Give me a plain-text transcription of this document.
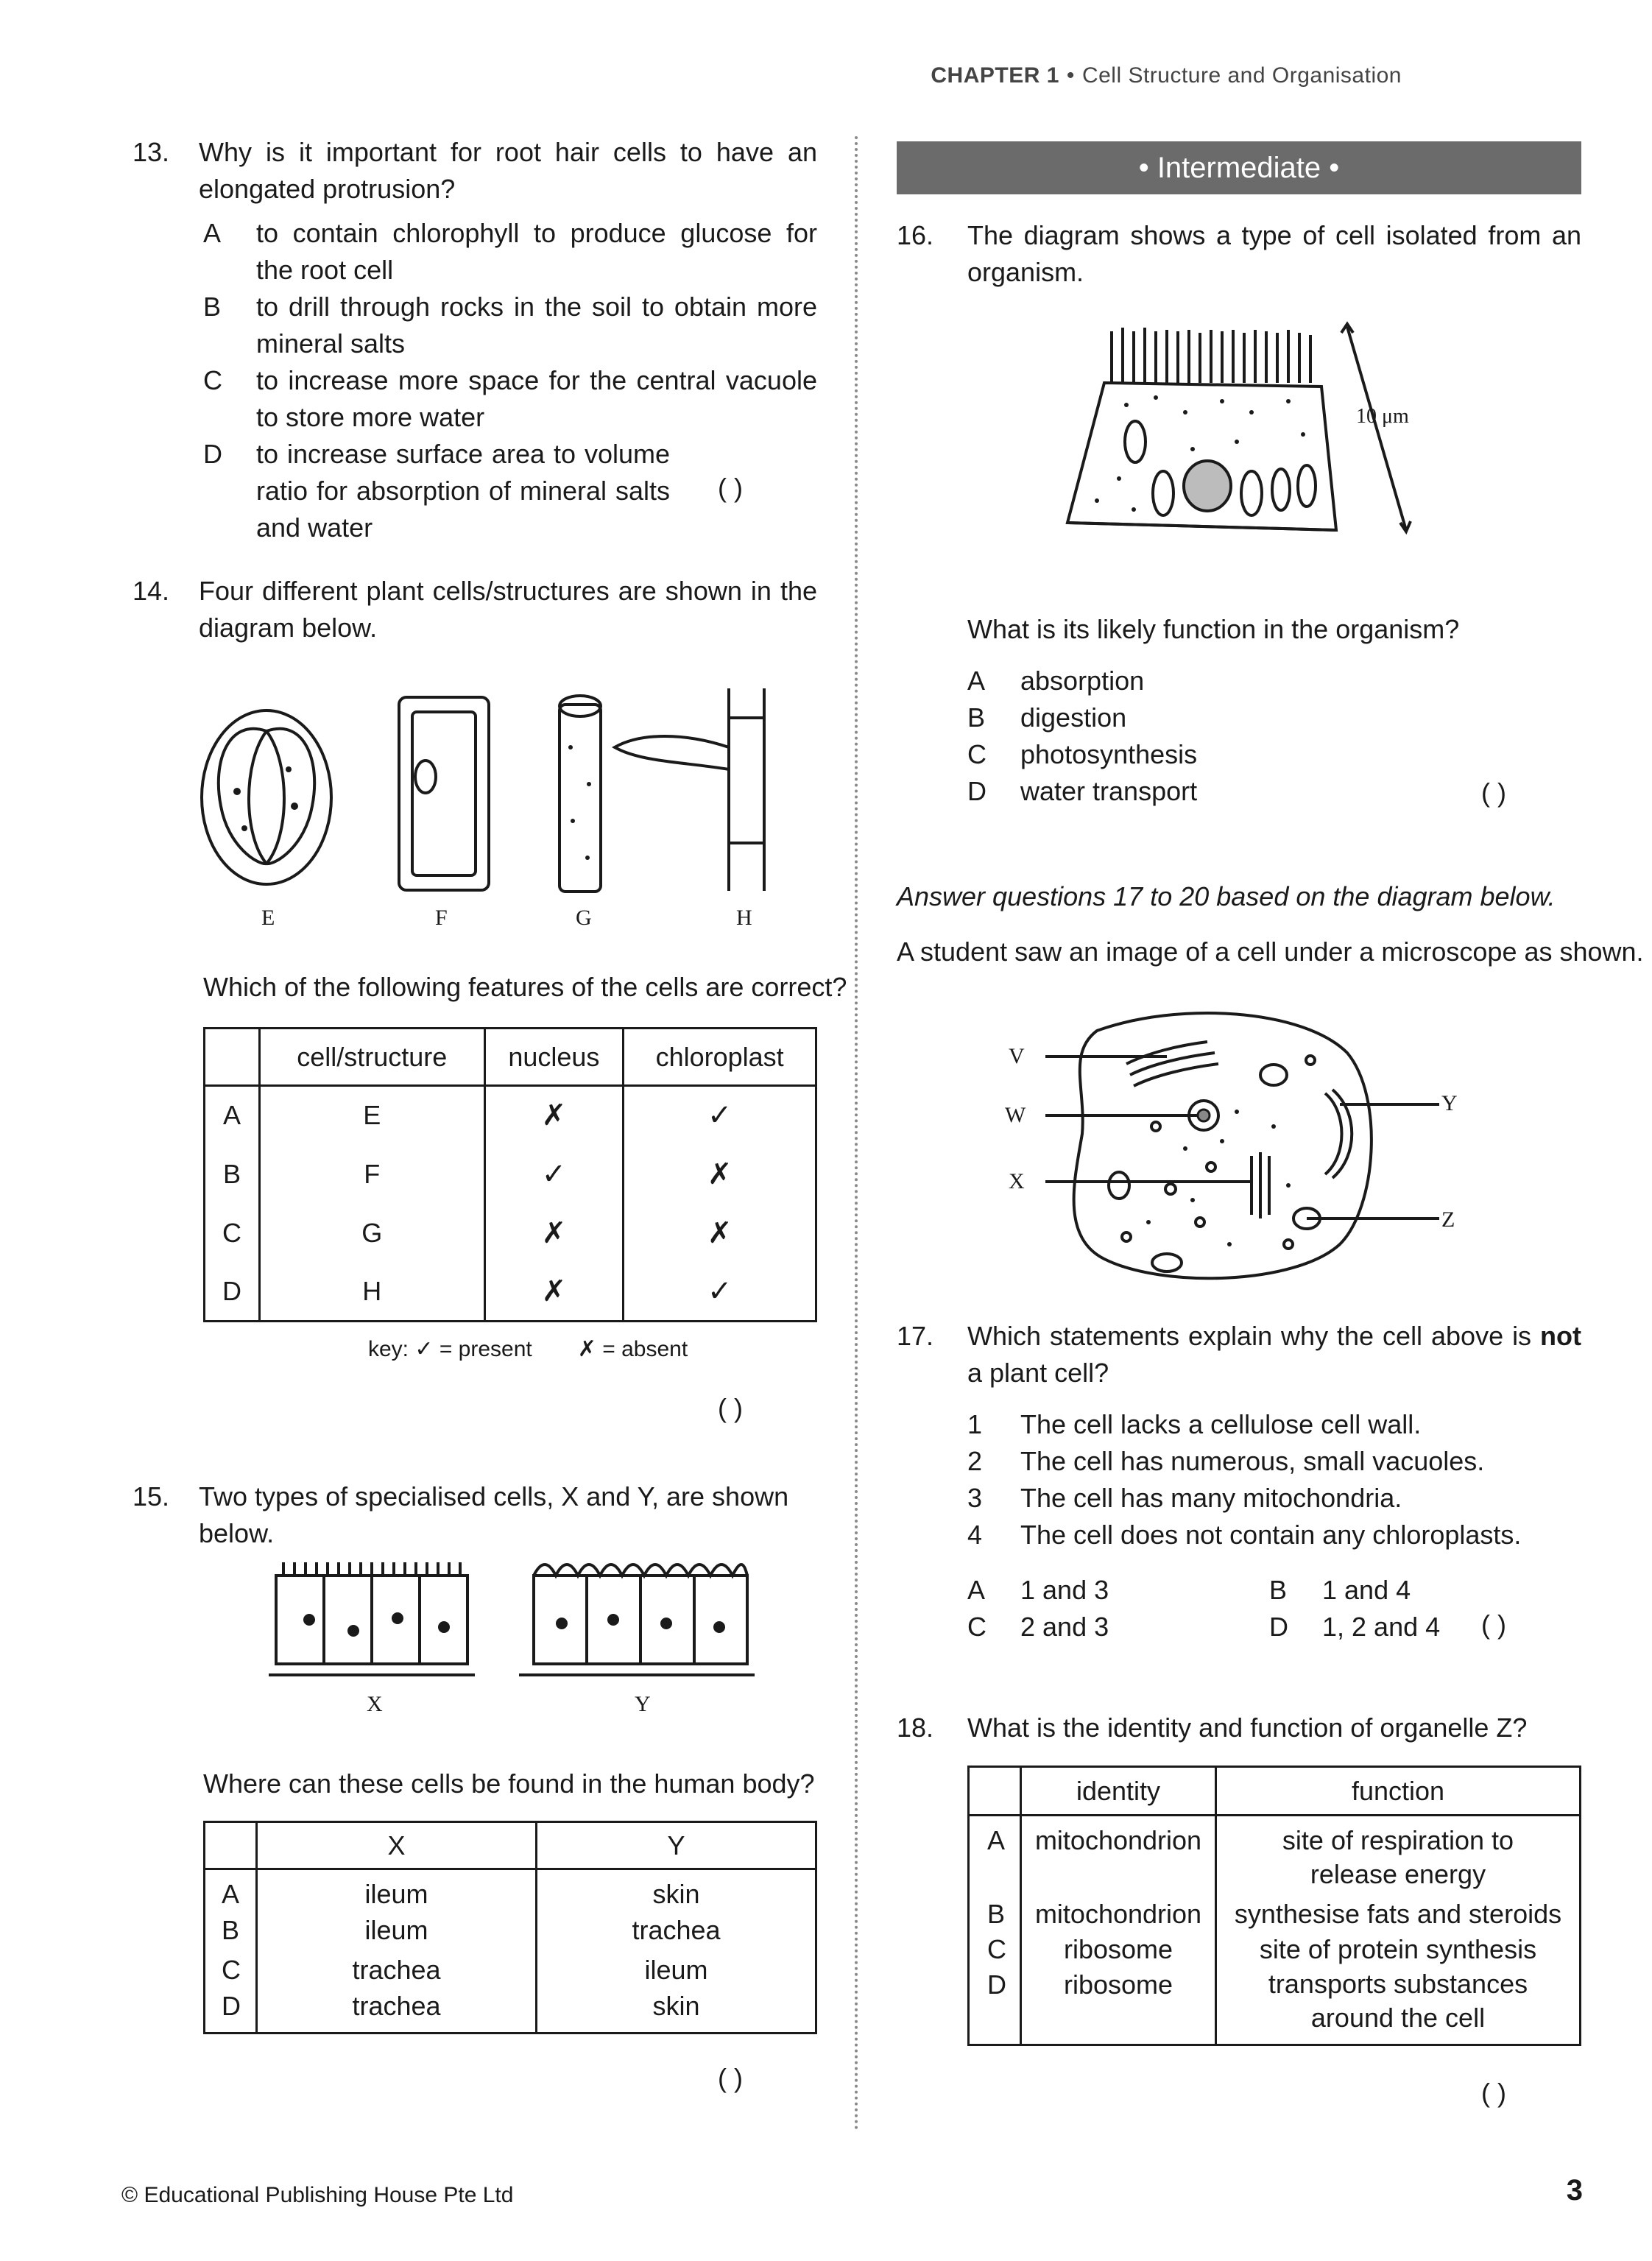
CHAPTER 1 • Cell Structure and Organisation
13.	Why is it important for root hair cells to have an elongated protrusion?
A	to contain chlorophyll to produce glucose for the root cell
B	to drill through rocks in the soil to obtain more mineral salts
C	to increase more space for the central vacuole to store more water
D	to increase surface area to volume ratio for absorption of mineral salts and water
( )
14.	Four different plant cells/structures are shown in the diagram below.
E	F	G	H
Which of the following features of the cells are correct?
	cell/structure	nucleus	chloroplast
A	E	✗	✓
B	F	✓	✗
C	G	✗	✗
D	H	✗	✓
key: ✓ = present ✗ = absent
( )
15.	Two types of specialised cells, X and Y, are shown below.
X	Y
Where can these cells be found in the human body?
	X	Y
A	ileum	skin
B	ileum	trachea
C	trachea	ileum
D	trachea	skin
( )
• Intermediate •
16.	The diagram shows a type of cell isolated from an organism.
10 μm
What is its likely function in the organism?
A	absorption
B	digestion
C	photosynthesis
D	water transport	( )
Answer questions 17 to 20 based on the diagram below.
A student saw an image of a cell under a microscope as shown.
V
W
X
Y
Z
17.	Which statements explain why the cell above is not a plant cell?
1	The cell lacks a cellulose cell wall.
2	The cell has numerous, small vacuoles.
3	The cell has many mitochondria.
4	The cell does not contain any chloroplasts.
A	1 and 3	B	1 and 4
C	2 and 3	D	1, 2 and 4 ( )
18.	What is the identity and function of organelle Z?
	identity	function
A	mitochondrion	site of respiration to release energy
B	mitochondrion	synthesise fats and steroids
C	ribosome	site of protein synthesis
D	ribosome	transports substances around the cell
( )
© Educational Publishing House Pte Ltd	3
